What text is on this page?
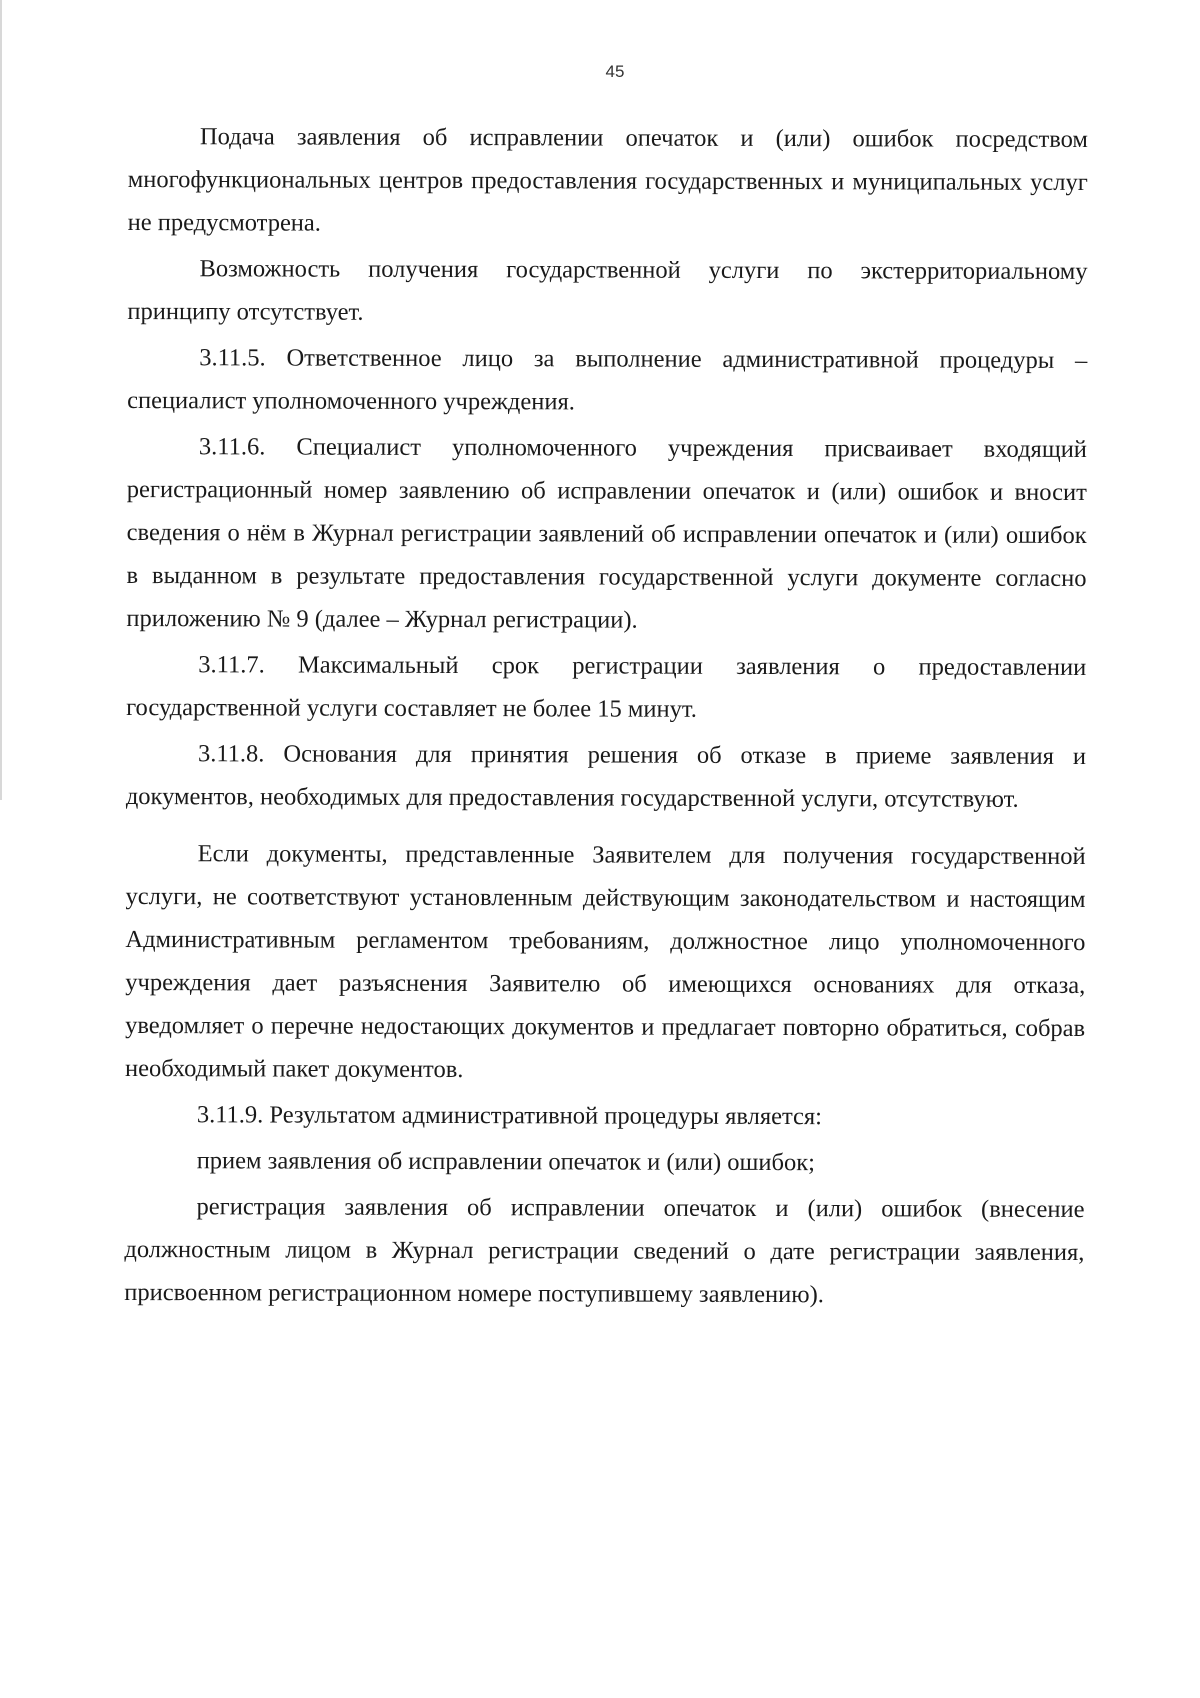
45

Подача заявления об исправлении опечаток и (или) ошибок посредством многофункциональных центров предоставления государственных и муниципальных услуг не предусмотрена.

Возможность получения государственной услуги по экстерриториальному принципу отсутствует.

3.11.5. Ответственное лицо за выполнение административной процедуры – специалист уполномоченного учреждения.

3.11.6. Специалист уполномоченного учреждения присваивает входящий регистрационный номер заявлению об исправлении опечаток и (или) ошибок и вносит сведения о нём в Журнал регистрации заявлений об исправлении опечаток и (или) ошибок в выданном в результате предоставления государственной услуги документе согласно приложению № 9 (далее – Журнал регистрации).

3.11.7. Максимальный срок регистрации заявления о предоставлении государственной услуги составляет не более 15 минут.

3.11.8. Основания для принятия решения об отказе в приеме заявления и документов, необходимых для предоставления государственной услуги, отсутствуют.

Если документы, представленные Заявителем для получения государственной услуги, не соответствуют установленным действующим законодательством и настоящим Административным регламентом требованиям, должностное лицо уполномоченного учреждения дает разъяснения Заявителю об имеющихся основаниях для отказа, уведомляет о перечне недостающих документов и предлагает повторно обратиться, собрав необходимый пакет документов.

3.11.9. Результатом административной процедуры является:

прием заявления об исправлении опечаток и (или) ошибок;

регистрация заявления об исправлении опечаток и (или) ошибок (внесение должностным лицом в Журнал регистрации сведений о дате регистрации заявления, присвоенном регистрационном номере поступившему заявлению).
